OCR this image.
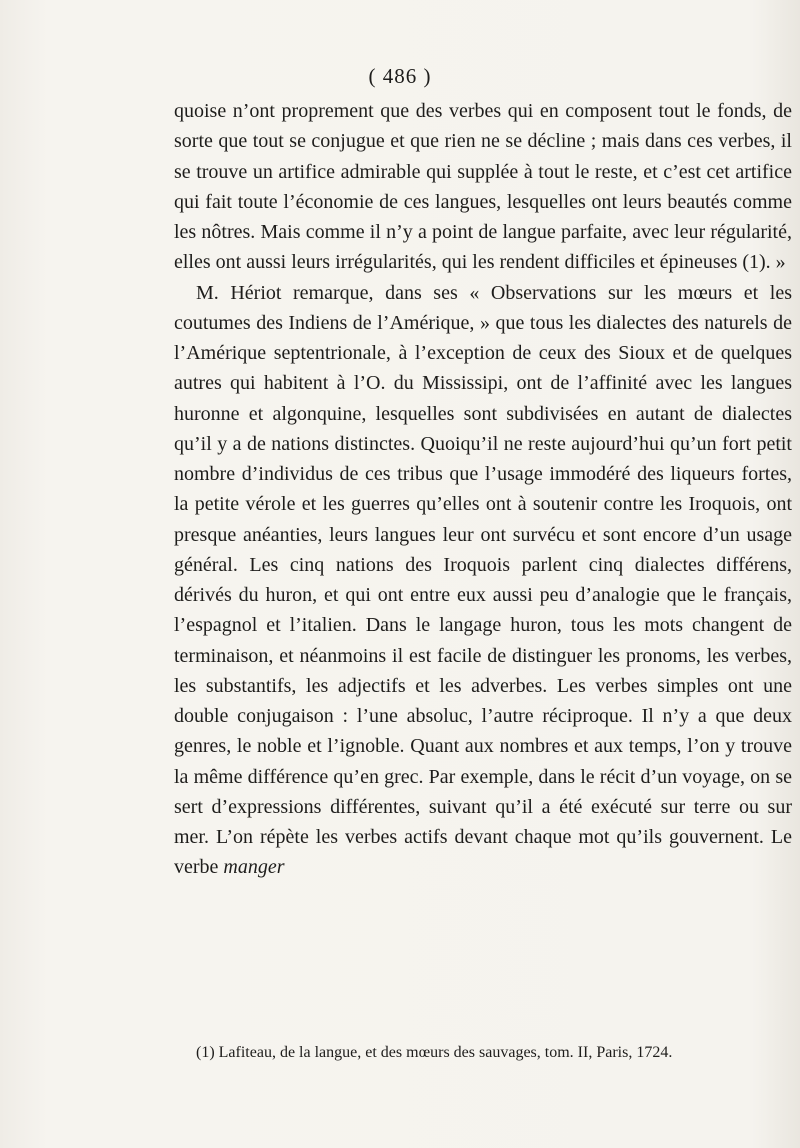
( 486 )

quoise n’ont proprement que des verbes qui en composent tout le fonds, de sorte que tout se conjugue et que rien ne se décline ; mais dans ces verbes, il se trouve un artifice admirable qui supplée à tout le reste, et c’est cet artifice qui fait toute l’économie de ces langues, lesquelles ont leurs beautés comme les nôtres. Mais comme il n’y a point de langue parfaite, avec leur régularité, elles ont aussi leurs irrégularités, qui les rendent difficiles et épineuses (1). »

M. Hériot remarque, dans ses « Observations sur les mœurs et les coutumes des Indiens de l’Amérique, » que tous les dialectes des naturels de l’Amérique septentrionale, à l’exception de ceux des Sioux et de quelques autres qui habitent à l’O. du Mississipi, ont de l’affinité avec les langues huronne et algonquine, lesquelles sont subdivisées en autant de dialectes qu’il y a de nations distinctes. Quoiqu’il ne reste aujourd’hui qu’un fort petit nombre d’individus de ces tribus que l’usage immodéré des liqueurs fortes, la petite vérole et les guerres qu’elles ont à soutenir contre les Iroquois, ont presque anéanties, leurs langues leur ont survécu et sont encore d’un usage général. Les cinq nations des Iroquois parlent cinq dialectes différens, dérivés du huron, et qui ont entre eux aussi peu d’analogie que le français, l’espagnol et l’italien. Dans le langage huron, tous les mots changent de terminaison, et néanmoins il est facile de distinguer les pronoms, les verbes, les substantifs, les adjectifs et les adverbes. Les verbes simples ont une double conjugaison : l’une absoluc, l’autre réciproque. Il n’y a que deux genres, le noble et l’ignoble. Quant aux nombres et aux temps, l’on y trouve la même différence qu’en grec. Par exemple, dans le récit d’un voyage, on se sert d’expressions différentes, suivant qu’il a été exécuté sur terre ou sur mer. L’on répète les verbes actifs devant chaque mot qu’ils gouvernent. Le verbe manger

(1) Lafiteau, de la langue, et des mœurs des sauvages, tom. II, Paris, 1724.
